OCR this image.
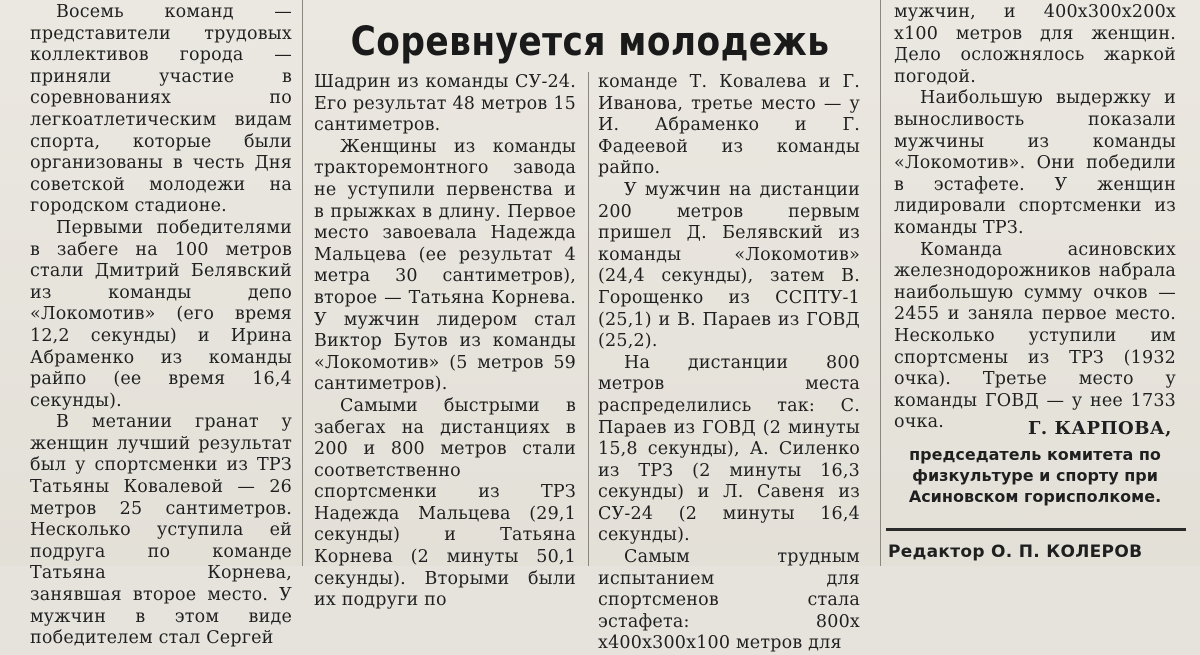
Восемь команд — представители трудовых коллективов города — приняли участие в соревнованиях по легкоатлетическим видам спорта, которые были организованы в честь Дня советской молодежи на городском стадионе.

Первыми победителями в забеге на 100 метров стали Дмитрий Белявский из команды депо «Локомотив» (его время 12,2 секунды) и Ирина Абраменко из команды райпо (ее время 16,4 секунды).

В метании гранат у женщин лучший результат был у спортсменки из ТРЗ Татьяны Ковалевой — 26 метров 25 сантиметров. Несколько уступила ей подруга по команде Татьяна Корнева, занявшая второе место. У мужчин в этом виде победителем стал Сергей

Соревнуется молодежь

Шадрин из команды СУ-24. Его результат 48 метров 15 сантиметров.

Женщины из команды тракторемонтного завода не уступили первенства и в прыжках в длину. Первое место завоевала Надежда Мальцева (ее результат 4 метра 30 сантиметров), второе — Татьяна Корнева. У мужчин лидером стал Виктор Бутов из команды «Локомотив» (5 метров 59 сантиметров).

Самыми быстрыми в забегах на дистанциях в 200 и 800 метров стали соответственно спортсменки из ТРЗ Надежда Мальцева (29,1 секунды) и Татьяна Корнева (2 минуты 50,1 секунды). Вторыми были их подруги по

команде Т. Ковалева и Г. Иванова, третье место — у И. Абраменко и Г. Фадеевой из команды райпо.

У мужчин на дистанции 200 метров первым пришел Д. Белявский из команды «Локомотив» (24,4 секунды), затем В. Горощенко из ССПТУ-1 (25,1) и В. Параев из ГОВД (25,2).

На дистанции 800 метров места распределились так: С. Параев из ГОВД (2 минуты 15,8 секунды), А. Силенко из ТРЗ (2 минуты 16,3 секунды) и Л. Савеня из СУ-24 (2 минуты 16,4 секунды).

Самым трудным испытанием для спортсменов стала эстафета: 800х х400х300х100 метров для

мужчин, и 400х300х200х х100 метров для женщин. Дело осложнялось жаркой погодой.

Наибольшую выдержку и выносливость показали мужчины из команды «Локомотив». Они победили в эстафете. У женщин лидировали спортсменки из команды ТРЗ.

Команда асиновских железнодорожников набрала наибольшую сумму очков — 2455 и заняла первое место. Несколько уступили им спортсмены из ТРЗ (1932 очка). Третье место у команды ГОВД — у нее 1733 очка.	Г. КАРПОВА,
председатель комитета по физкультуре и спорту при Асиновском горисполкоме.
Редактор О. П. КОЛЕРОВ
